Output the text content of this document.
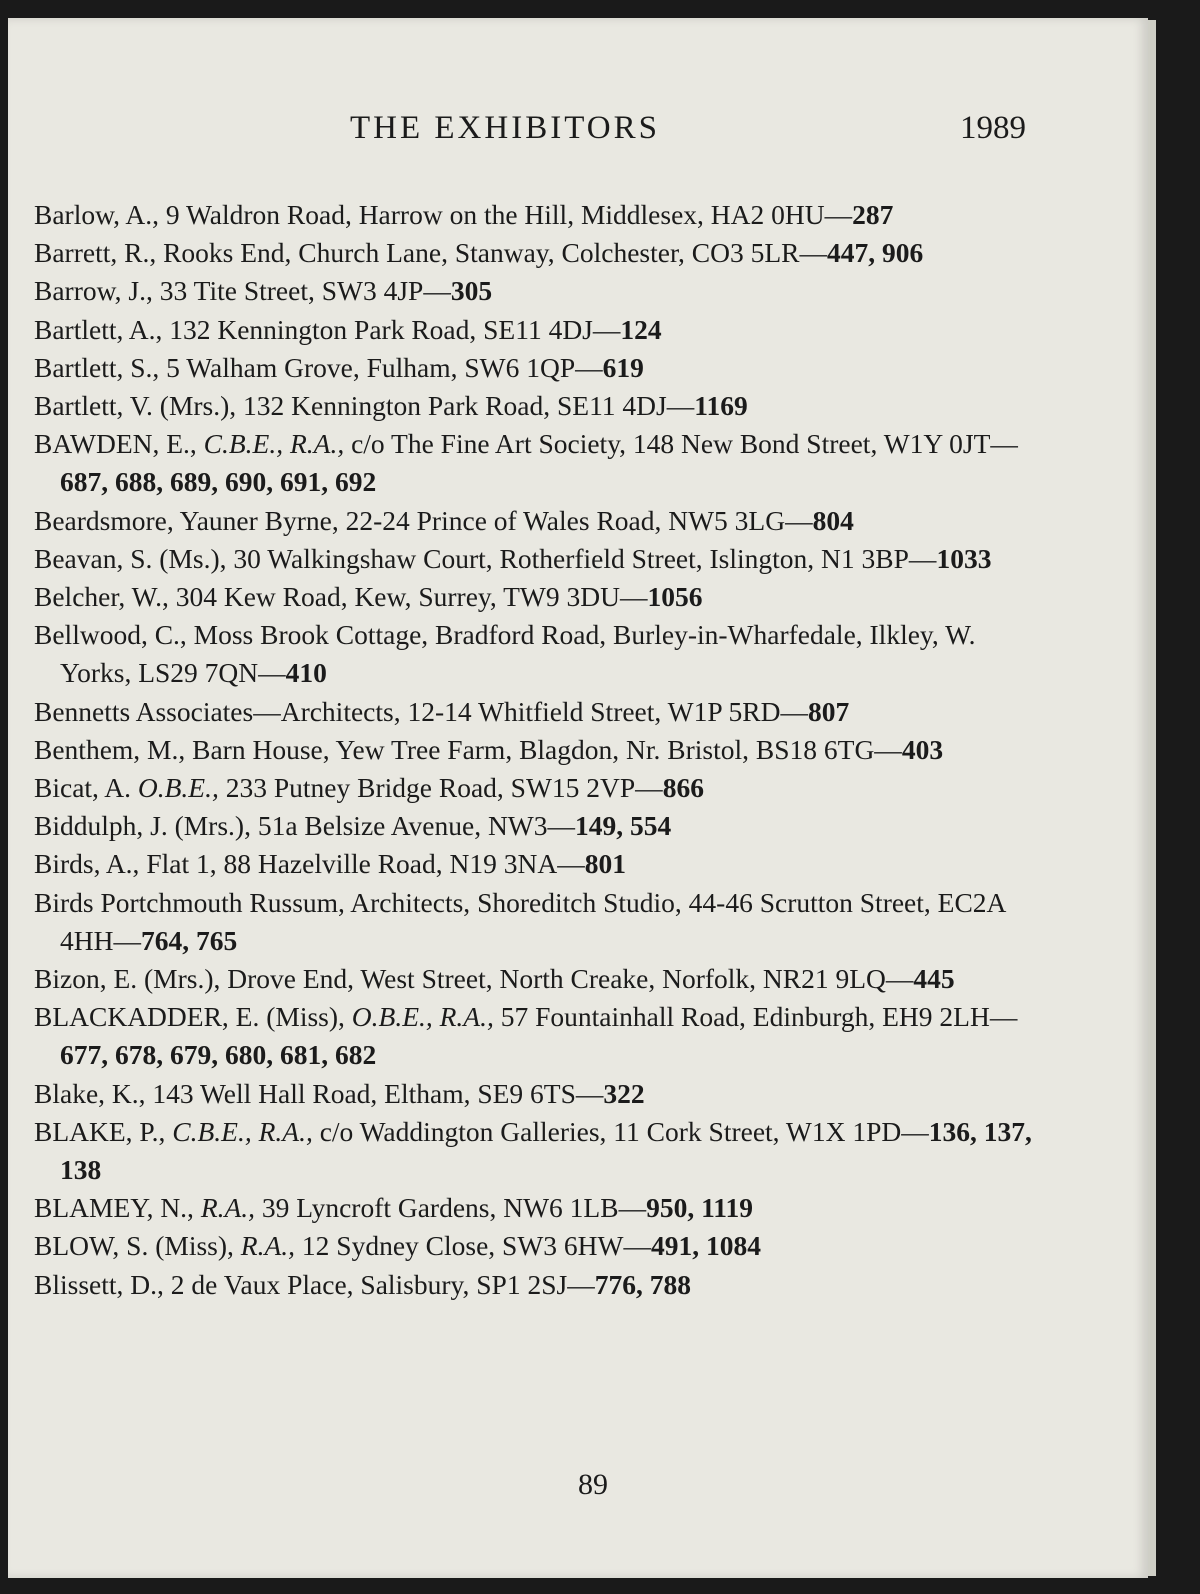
THE EXHIBITORS	1989

Barlow, A., 9 Waldron Road, Harrow on the Hill, Middlesex, HA2 0HU—287

Barrett, R., Rooks End, Church Lane, Stanway, Colchester, CO3 5LR—447, 906

Barrow, J., 33 Tite Street, SW3 4JP—305

Bartlett, A., 132 Kennington Park Road, SE11 4DJ—124

Bartlett, S., 5 Walham Grove, Fulham, SW6 1QP—619

Bartlett, V. (Mrs.), 132 Kennington Park Road, SE11 4DJ—1169

BAWDEN, E., C.B.E., R.A., c/o The Fine Art Society, 148 New Bond Street, W1Y 0JT—687, 688, 689, 690, 691, 692

Beardsmore, Yauner Byrne, 22-24 Prince of Wales Road, NW5 3LG—804

Beavan, S. (Ms.), 30 Walkingshaw Court, Rotherfield Street, Islington, N1 3BP—1033

Belcher, W., 304 Kew Road, Kew, Surrey, TW9 3DU—1056

Bellwood, C., Moss Brook Cottage, Bradford Road, Burley-in-Wharfedale, Ilkley, W. Yorks, LS29 7QN—410

Bennetts Associates—Architects, 12-14 Whitfield Street, W1P 5RD—807

Benthem, M., Barn House, Yew Tree Farm, Blagdon, Nr. Bristol, BS18 6TG—403

Bicat, A. O.B.E., 233 Putney Bridge Road, SW15 2VP—866

Biddulph, J. (Mrs.), 51a Belsize Avenue, NW3—149, 554

Birds, A., Flat 1, 88 Hazelville Road, N19 3NA—801

Birds Portchmouth Russum, Architects, Shoreditch Studio, 44-46 Scrutton Street, EC2A 4HH—764, 765

Bizon, E. (Mrs.), Drove End, West Street, North Creake, Norfolk, NR21 9LQ—445

BLACKADDER, E. (Miss), O.B.E., R.A., 57 Fountainhall Road, Edinburgh, EH9 2LH—677, 678, 679, 680, 681, 682

Blake, K., 143 Well Hall Road, Eltham, SE9 6TS—322

BLAKE, P., C.B.E., R.A., c/o Waddington Galleries, 11 Cork Street, W1X 1PD—136, 137, 138

BLAMEY, N., R.A., 39 Lyncroft Gardens, NW6 1LB—950, 1119

BLOW, S. (Miss), R.A., 12 Sydney Close, SW3 6HW—491, 1084

Blissett, D., 2 de Vaux Place, Salisbury, SP1 2SJ—776, 788

89
